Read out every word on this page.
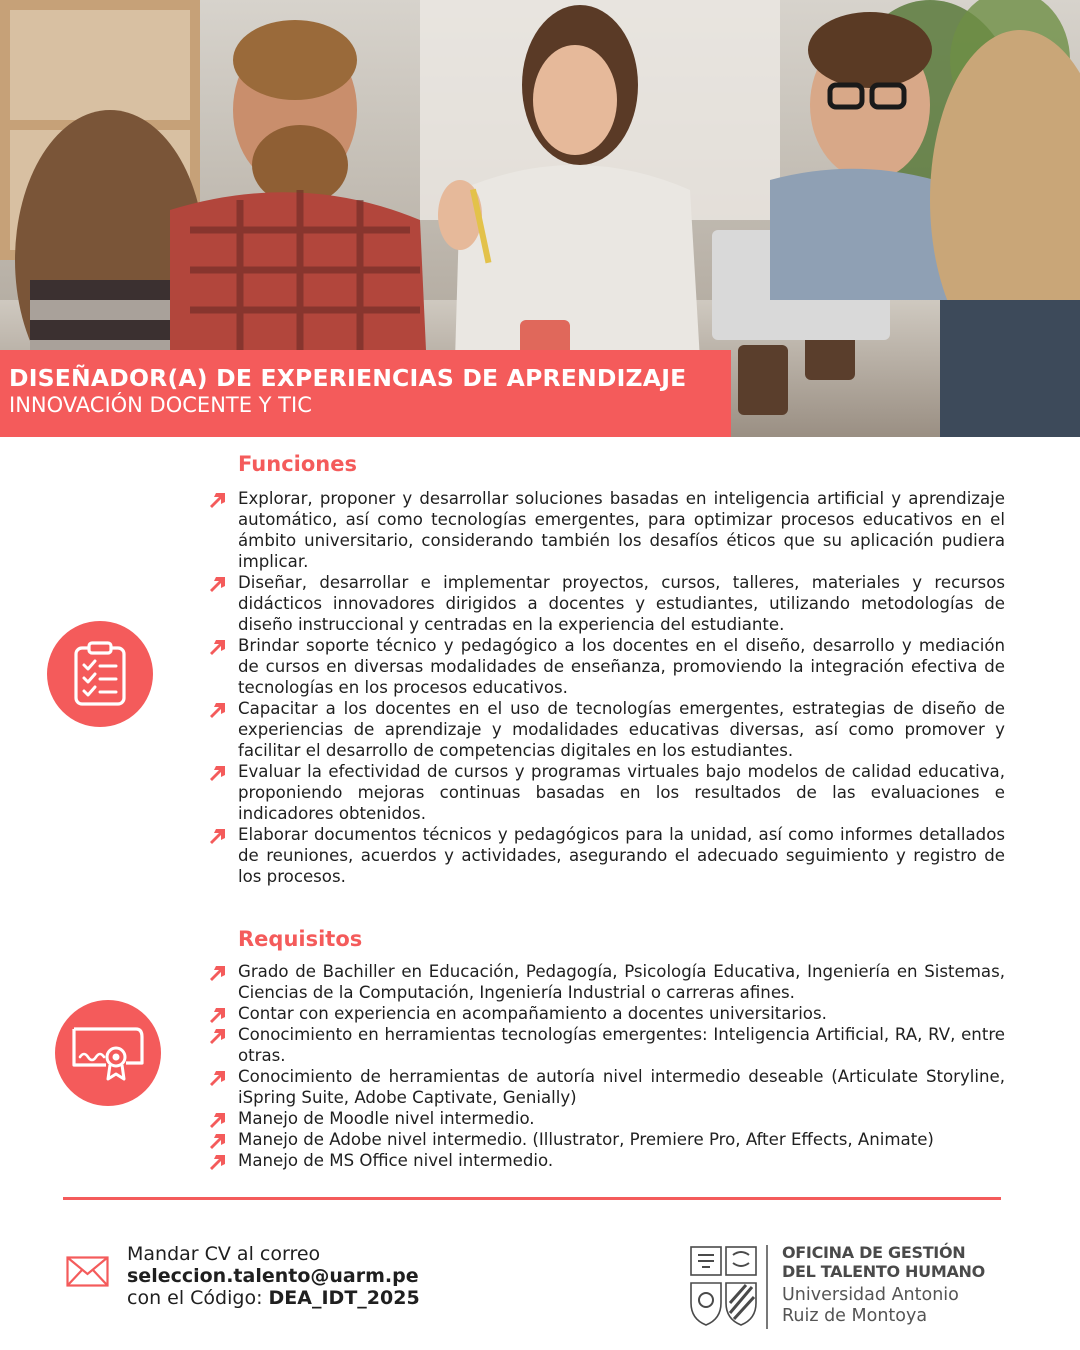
DISEÑADOR(A) DE EXPERIENCIAS DE APRENDIZAJE
INNOVACIÓN DOCENTE Y TIC
Funciones
Explorar, proponer y desarrollar soluciones basadas en inteligencia artificial y aprendizaje automático, así como tecnologías emergentes, para optimizar procesos educativos en el ámbito universitario, considerando también los desafíos éticos que su aplicación pudiera implicar.
Diseñar, desarrollar e implementar proyectos, cursos, talleres, materiales y recursos didácticos innovadores dirigidos a docentes y estudiantes, utilizando metodologías de diseño instruccional y centradas en la experiencia del estudiante.
Brindar soporte técnico y pedagógico a los docentes en el diseño, desarrollo y mediación de cursos en diversas modalidades de enseñanza, promoviendo la integración efectiva de tecnologías en los procesos educativos.
Capacitar a los docentes en el uso de tecnologías emergentes, estrategias de diseño de experiencias de aprendizaje y modalidades educativas diversas, así como promover y facilitar el desarrollo de competencias digitales en los estudiantes.
Evaluar la efectividad de cursos y programas virtuales bajo modelos de calidad educativa, proponiendo mejoras continuas basadas en los resultados de las evaluaciones e indicadores obtenidos.
Elaborar documentos técnicos y pedagógicos para la unidad, así como informes detallados de reuniones, acuerdos y actividades, asegurando el adecuado seguimiento y registro de los procesos.
Requisitos
Grado de Bachiller en Educación, Pedagogía, Psicología Educativa, Ingeniería en Sistemas, Ciencias de la Computación, Ingeniería Industrial o carreras afines.
Contar con experiencia en acompañamiento a docentes universitarios.
Conocimiento en herramientas tecnologías emergentes: Inteligencia Artificial, RA, RV, entre otras.
Conocimiento de herramientas de autoría nivel intermedio deseable (Articulate Storyline, iSpring Suite, Adobe Captivate, Genially)
Manejo de Moodle nivel intermedio.
Manejo de Adobe nivel intermedio. (Illustrator, Premiere Pro, After Effects, Animate)
Manejo de MS Office nivel intermedio.
Mandar CV al correo
seleccion.talento@uarm.pe
con el Código: DEA_IDT_2025
OFICINA DE GESTIÓN
DEL TALENTO HUMANO
Universidad Antonio
Ruiz de Montoya
